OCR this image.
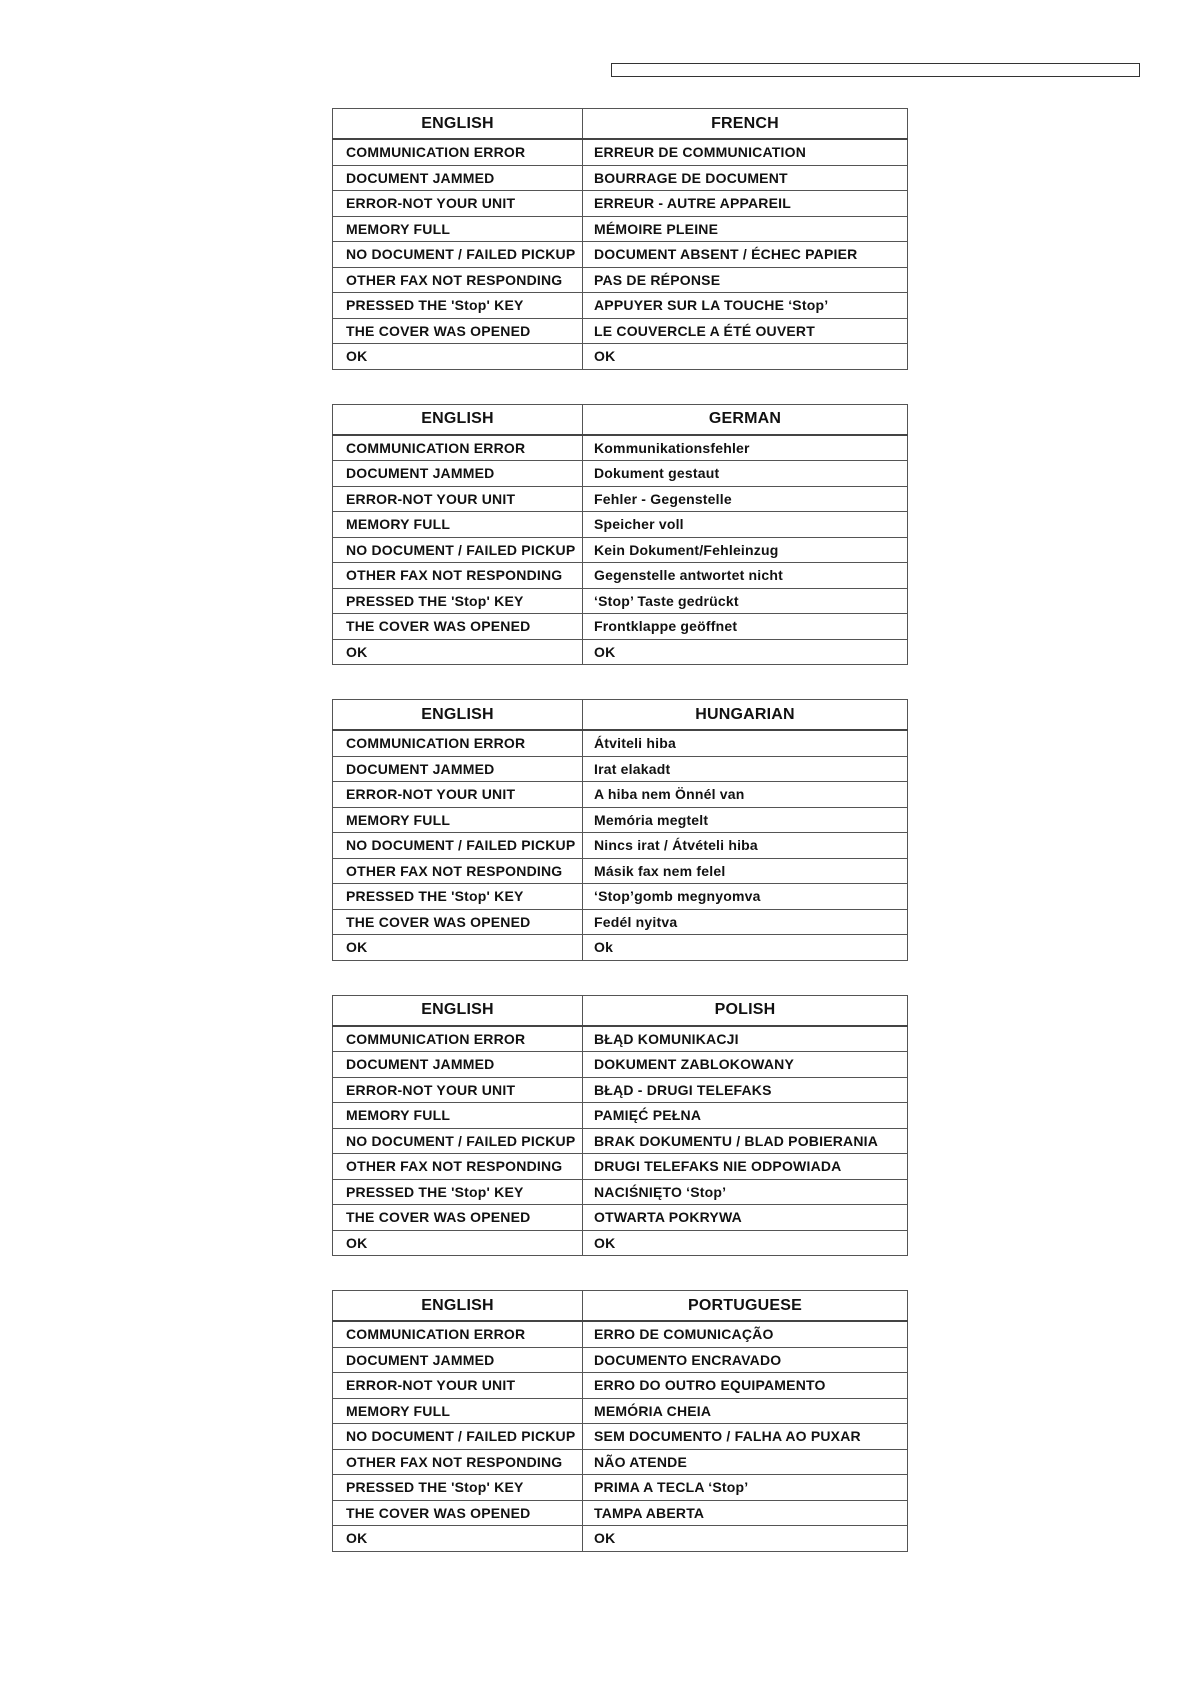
ENGLISH	FRENCH
COMMUNICATION ERROR	ERREUR DE COMMUNICATION
DOCUMENT JAMMED	BOURRAGE DE DOCUMENT
ERROR-NOT YOUR UNIT	ERREUR - AUTRE APPAREIL
MEMORY FULL	MÉMOIRE PLEINE
NO DOCUMENT / FAILED PICKUP	DOCUMENT ABSENT / ÉCHEC PAPIER
OTHER FAX NOT RESPONDING	PAS DE RÉPONSE
PRESSED THE 'Stop' KEY	APPUYER SUR LA TOUCHE ‘Stop’
THE COVER WAS OPENED	LE COUVERCLE A ÉTÉ OUVERT
OK	OK
ENGLISH	GERMAN
COMMUNICATION ERROR	Kommunikationsfehler
DOCUMENT JAMMED	Dokument gestaut
ERROR-NOT YOUR UNIT	Fehler - Gegenstelle
MEMORY FULL	Speicher voll
NO DOCUMENT / FAILED PICKUP	Kein Dokument/Fehleinzug
OTHER FAX NOT RESPONDING	Gegenstelle antwortet nicht
PRESSED THE 'Stop' KEY	‘Stop’ Taste gedrückt
THE COVER WAS OPENED	Frontklappe geöffnet
OK	OK
ENGLISH	HUNGARIAN
COMMUNICATION ERROR	Átviteli hiba
DOCUMENT JAMMED	Irat elakadt
ERROR-NOT YOUR UNIT	A hiba nem Önnél van
MEMORY FULL	Memória megtelt
NO DOCUMENT / FAILED PICKUP	Nincs irat / Átvételi hiba
OTHER FAX NOT RESPONDING	Másik fax nem felel
PRESSED THE 'Stop' KEY	‘Stop’gomb megnyomva
THE COVER WAS OPENED	Fedél nyitva
OK	Ok
ENGLISH	POLISH
COMMUNICATION ERROR	BŁĄD KOMUNIKACJI
DOCUMENT JAMMED	DOKUMENT ZABLOKOWANY
ERROR-NOT YOUR UNIT	BŁĄD - DRUGI TELEFAKS
MEMORY FULL	PAMIĘĆ PEŁNA
NO DOCUMENT / FAILED PICKUP	BRAK DOKUMENTU / BLAD POBIERANIA
OTHER FAX NOT RESPONDING	DRUGI TELEFAKS NIE ODPOWIADA
PRESSED THE 'Stop' KEY	NACIŚNIĘTO ‘Stop’
THE COVER WAS OPENED	OTWARTA POKRYWA
OK	OK
ENGLISH	PORTUGUESE
COMMUNICATION ERROR	ERRO DE COMUNICAÇÃO
DOCUMENT JAMMED	DOCUMENTO ENCRAVADO
ERROR-NOT YOUR UNIT	ERRO DO OUTRO EQUIPAMENTO
MEMORY FULL	MEMÓRIA CHEIA
NO DOCUMENT / FAILED PICKUP	SEM DOCUMENTO / FALHA AO PUXAR
OTHER FAX NOT RESPONDING	NÃO ATENDE
PRESSED THE 'Stop' KEY	PRIMA A TECLA ‘Stop’
THE COVER WAS OPENED	TAMPA ABERTA
OK	OK
